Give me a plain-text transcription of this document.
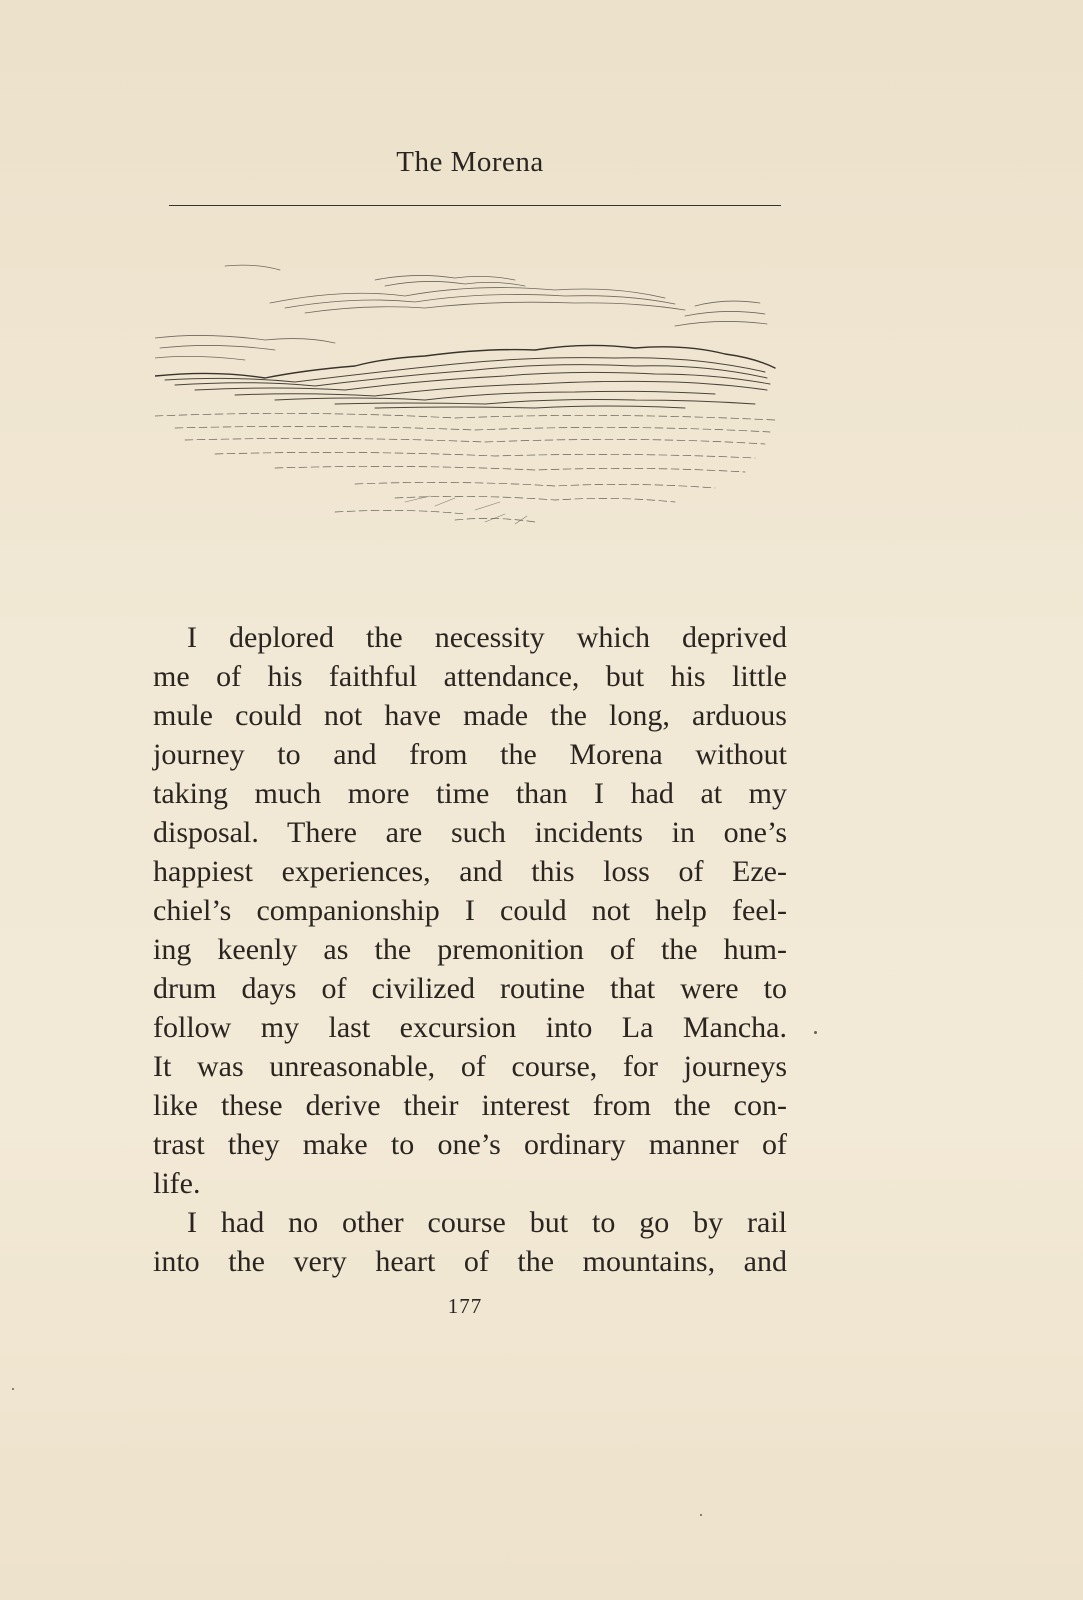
The Morena
I deplored the necessity which deprived
me of his faithful attendance, but his little
mule could not have made the long, arduous
journey to and from the Morena without
taking much more time than I had at my
disposal. There are such incidents in one’s
happiest experiences, and this loss of Eze-
chiel’s companionship I could not help feel-
ing keenly as the premonition of the hum-
drum days of civilized routine that were to
follow my last excursion into La Mancha.
It was unreasonable, of course, for journeys
like these derive their interest from the con-
trast they make to one’s ordinary manner of
life.
I had no other course but to go by rail
into the very heart of the mountains, and
177
